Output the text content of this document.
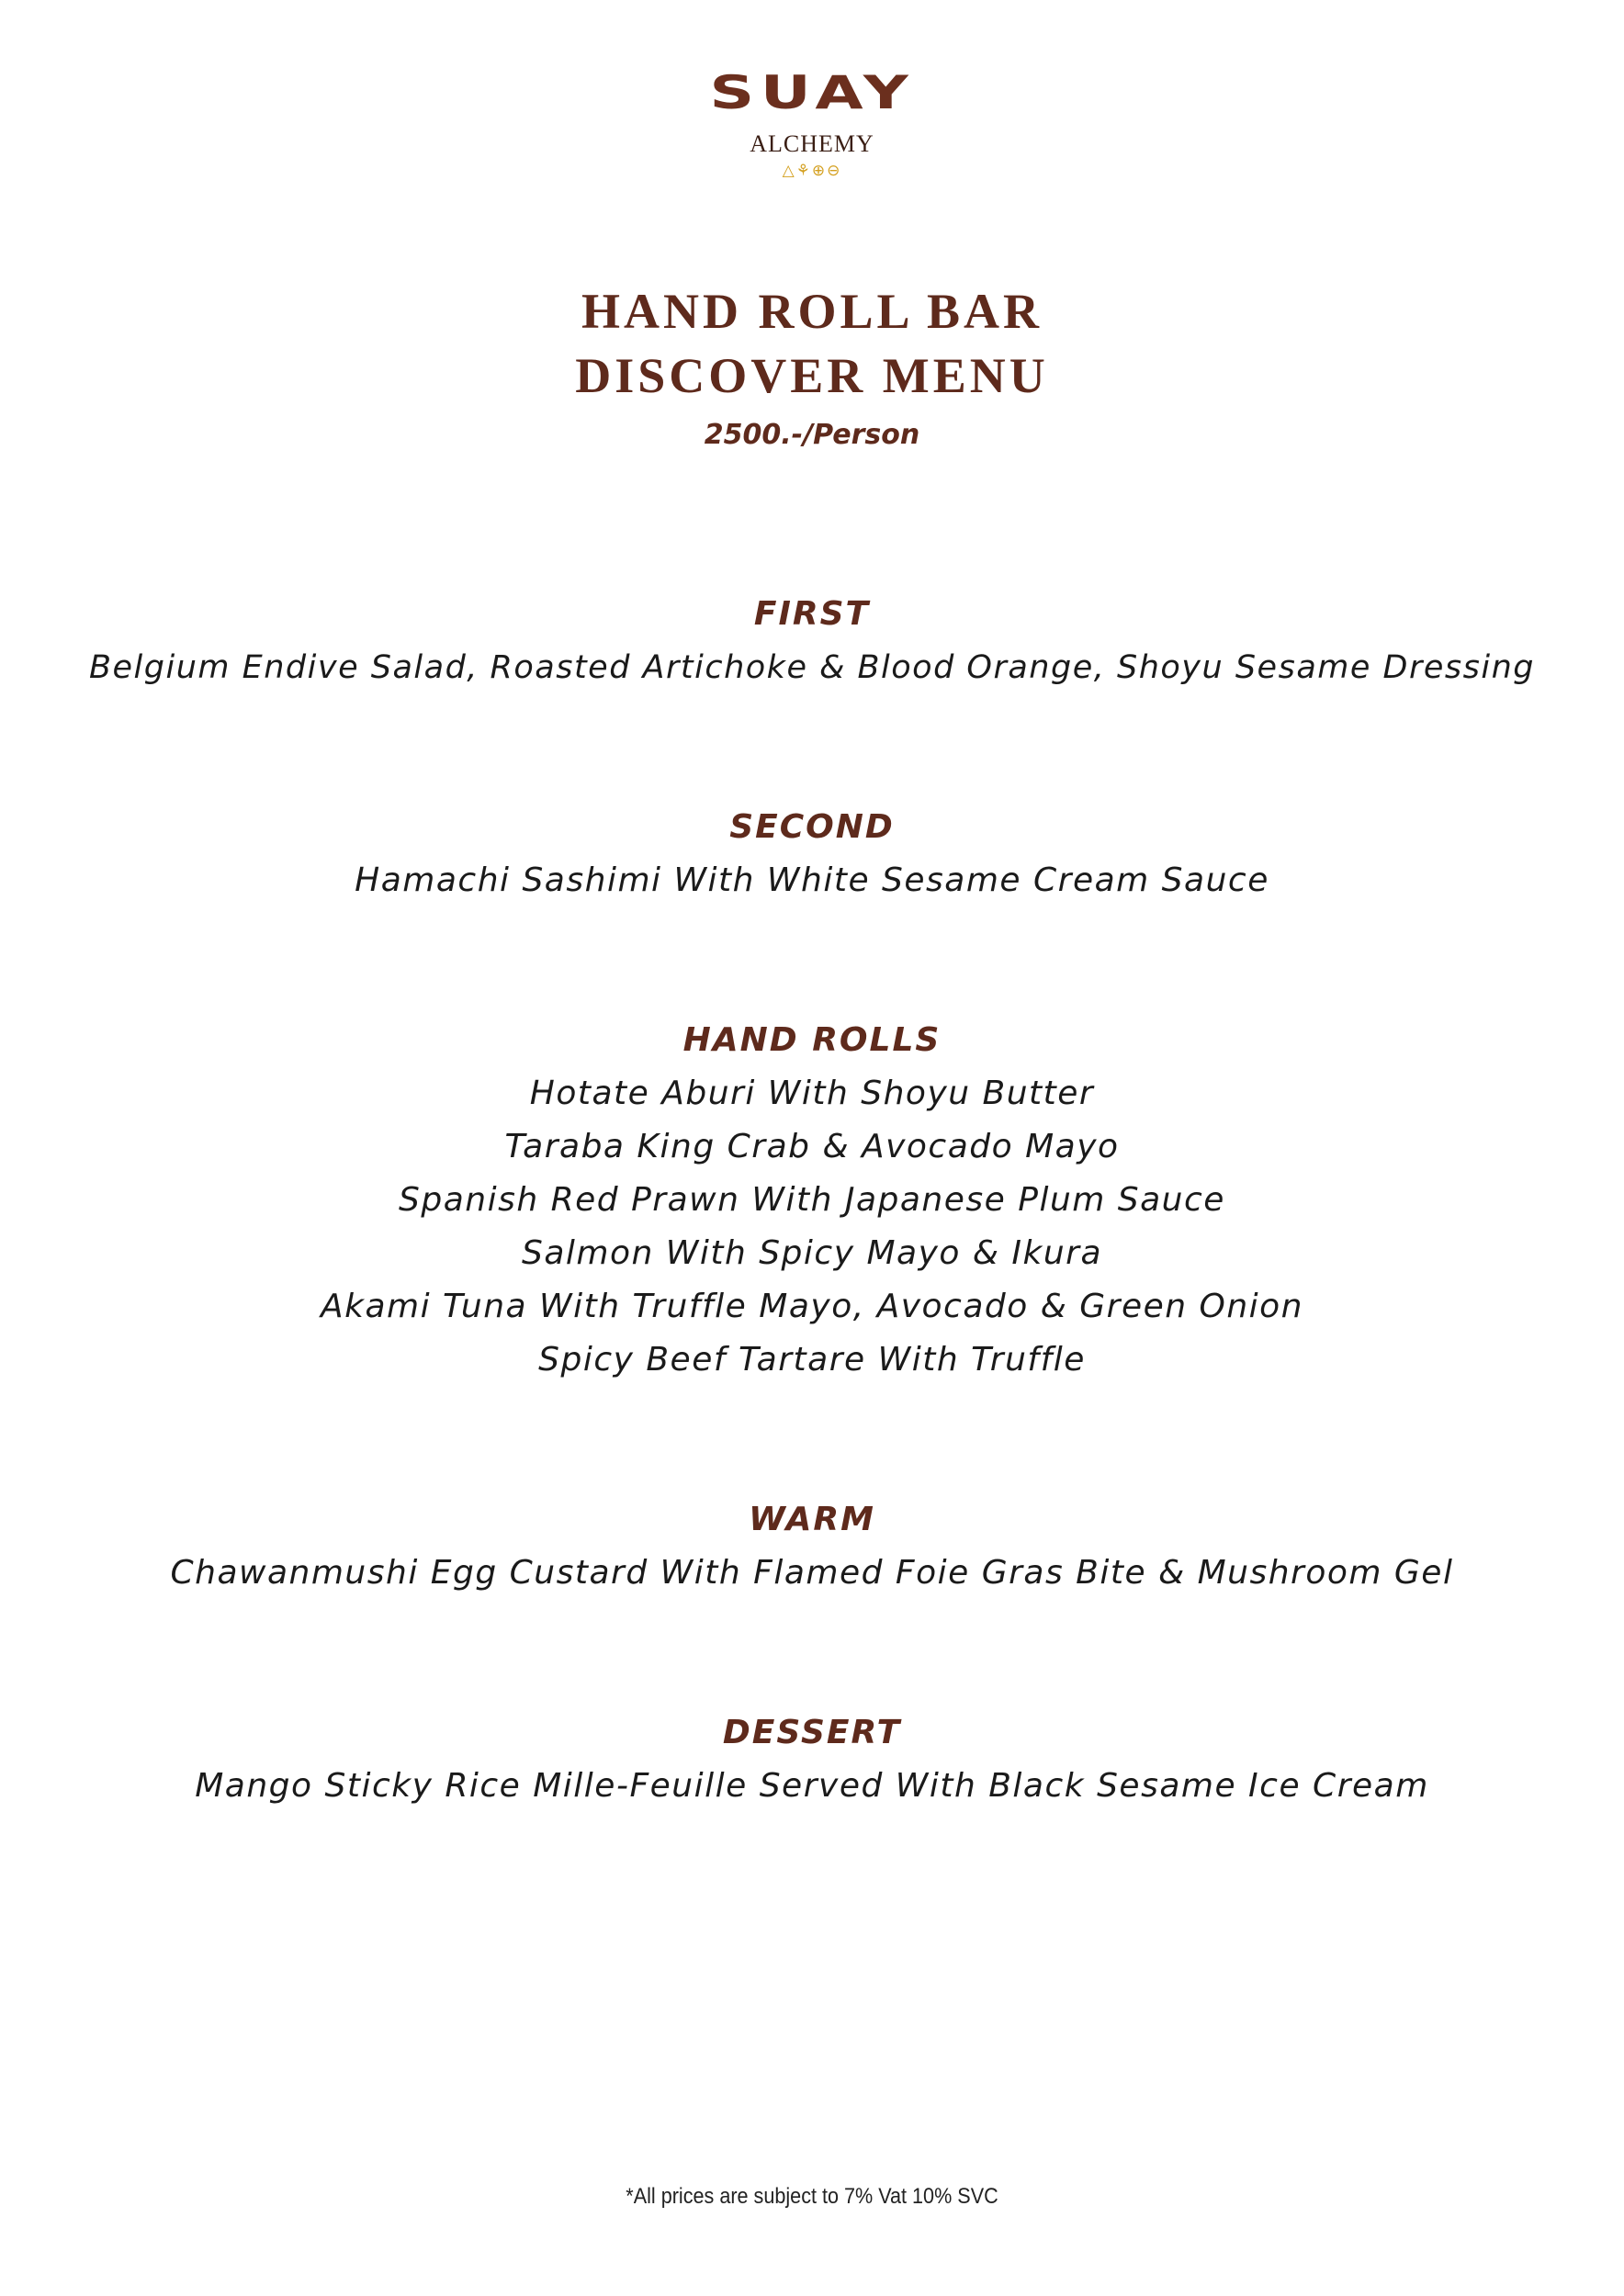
SUAY
ALCHEMY
△⚘⊕⊖
HAND ROLL BAR
DISCOVER MENU
2500.-/Person
FIRST
Belgium Endive Salad, Roasted Artichoke & Blood Orange, Shoyu Sesame Dressing
SECOND
Hamachi Sashimi With White Sesame Cream Sauce
HAND ROLLS
Hotate Aburi With Shoyu Butter
Taraba King Crab & Avocado Mayo
Spanish Red Prawn With Japanese Plum Sauce
Salmon With Spicy Mayo & Ikura
Akami Tuna With Truffle Mayo, Avocado & Green Onion
Spicy Beef Tartare With Truffle
WARM
Chawanmushi Egg Custard With Flamed Foie Gras Bite & Mushroom Gel
DESSERT
Mango Sticky Rice Mille-Feuille Served With Black Sesame Ice Cream
*All prices are subject to 7% Vat 10% SVC
